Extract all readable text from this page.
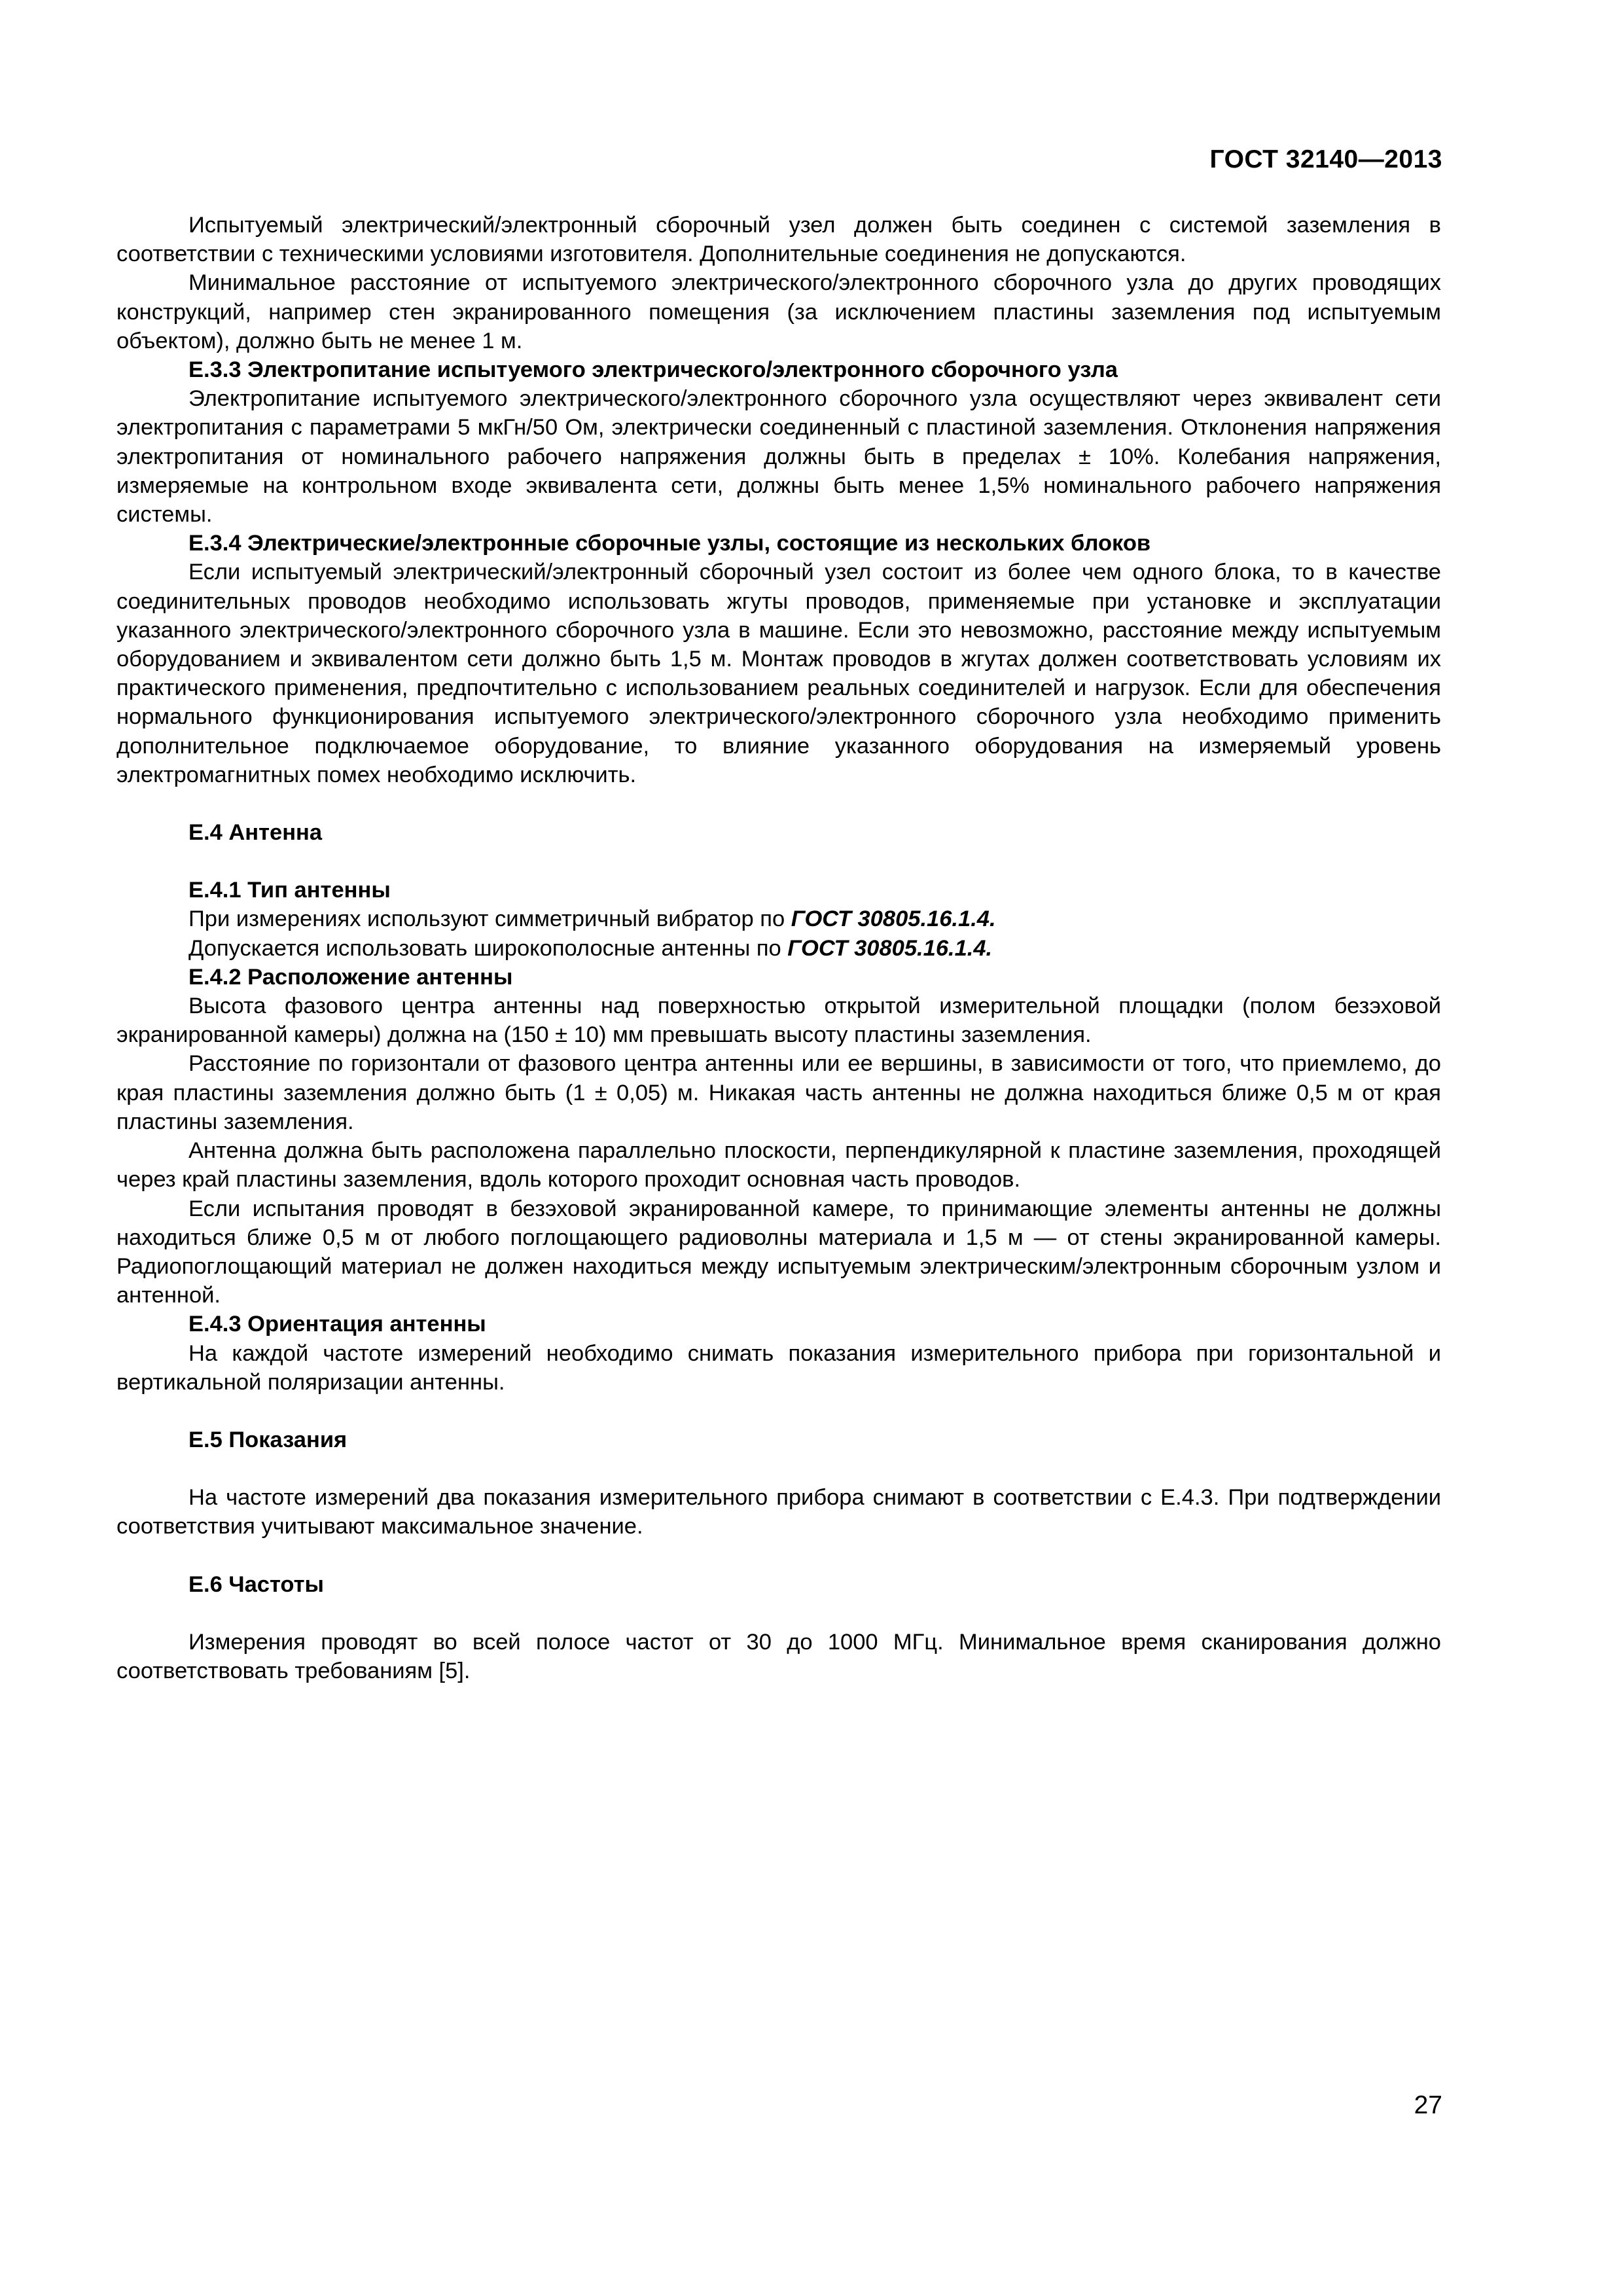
ГОСТ 32140—2013

Испытуемый электрический/электронный сборочный узел должен быть соединен с системой заземления в соответствии с техническими условиями изготовителя. Дополнительные соединения не допускаются.

Минимальное расстояние от испытуемого электрического/электронного сборочного узла до других проводящих конструкций, например стен экранированного помещения (за исключением пластины заземления под испытуемым объектом), должно быть не менее 1 м.

Е.3.3 Электропитание испытуемого электрического/электронного сборочного узла

Электропитание испытуемого электрического/электронного сборочного узла осуществляют через эквивалент сети электропитания с параметрами 5 мкГн/50 Ом, электрически соединенный с пластиной заземления. Отклонения напряжения электропитания от номинального рабочего напряжения должны быть в пределах ± 10%. Колебания напряжения, измеряемые на контрольном входе эквивалента сети, должны быть менее 1,5% номинального рабочего напряжения системы.

Е.3.4 Электрические/электронные сборочные узлы, состоящие из нескольких блоков

Если испытуемый электрический/электронный сборочный узел состоит из более чем одного блока, то в качестве соединительных проводов необходимо использовать жгуты проводов, применяемые при установке и эксплуатации указанного электрического/электронного сборочного узла в машине. Если это невозможно, расстояние между испытуемым оборудованием и эквивалентом сети должно быть 1,5 м. Монтаж проводов в жгутах должен соответствовать условиям их практического применения, предпочтительно с использованием реальных соединителей и нагрузок. Если для обеспечения нормального функционирования испытуемого электрического/электронного сборочного узла необходимо применить дополнительное подключаемое оборудование, то влияние указанного оборудования на измеряемый уровень электромагнитных помех необходимо исключить.

Е.4 Антенна

Е.4.1 Тип антенны

При измерениях используют симметричный вибратор по ГОСТ 30805.16.1.4.

Допускается использовать широкополосные антенны по ГОСТ 30805.16.1.4.

Е.4.2 Расположение антенны

Высота фазового центра антенны над поверхностью открытой измерительной площадки (полом безэховой экранированной камеры) должна на (150 ± 10) мм превышать высоту пластины заземления.

Расстояние по горизонтали от фазового центра антенны или ее вершины, в зависимости от того, что приемлемо, до края пластины заземления должно быть (1 ± 0,05) м. Никакая часть антенны не должна находиться ближе 0,5 м от края пластины заземления.

Антенна должна быть расположена параллельно плоскости, перпендикулярной к пластине заземления, проходящей через край пластины заземления, вдоль которого проходит основная часть проводов.

Если испытания проводят в безэховой экранированной камере, то принимающие элементы антенны не должны находиться ближе 0,5 м от любого поглощающего радиоволны материала и 1,5 м — от стены экранированной камеры. Радиопоглощающий материал не должен находиться между испытуемым электрическим/электронным сборочным узлом и антенной.

Е.4.3 Ориентация антенны

На каждой частоте измерений необходимо снимать показания измерительного прибора при горизонтальной и вертикальной поляризации антенны.

Е.5 Показания

На частоте измерений два показания измерительного прибора снимают в соответствии с Е.4.3. При подтверждении соответствия учитывают максимальное значение.

Е.6 Частоты

Измерения проводят во всей полосе частот от 30 до 1000 МГц. Минимальное время сканирования должно соответствовать требованиям [5].

27
